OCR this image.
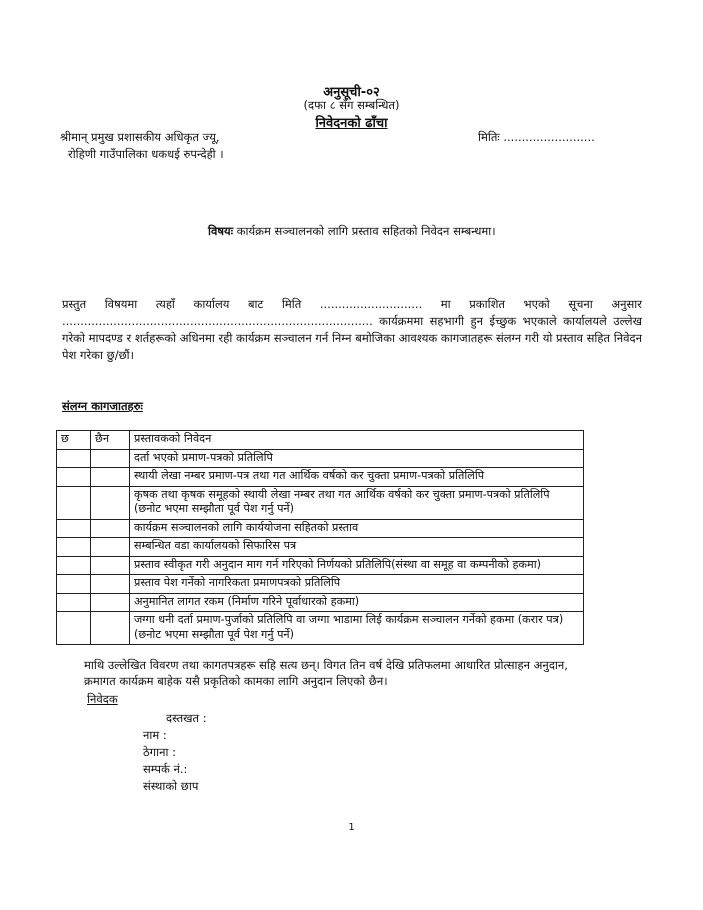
अनुसूची-०२
(दफा ८ सँग सम्बन्धित)
निवेदनको ढाँचा
श्रीमान् प्रमुख प्रशासकीय अधिकृत ज्यू,
रोहिणी गाउँपालिका धकधई रुपन्देही ।
मितिः .........................
विषयः कार्यक्रम सञ्चालनको लागि प्रस्ताव सहितको निवेदन सम्बन्धमा।
प्रस्तुत विषयमा त्यहाँ कार्यालय बाट मिति ............................ मा प्रकाशित भएको सूचना अनुसार ..................................................................................... कार्यक्रममा सहभागी हुन ईच्छुक भएकाले कार्यालयले उल्लेख गरेको मापदण्ड र शर्तहरूको अधिनमा रही कार्यक्रम सञ्चालन गर्न निम्न बमोजिका आवश्यक कागजातहरू संलग्न गरी यो प्रस्ताव सहित निवेदन पेश गरेका छु/छौं।
संलग्न कागजातहरुः
छ	छैन	प्रस्तावकको निवेदन
		दर्ता भएको प्रमाण-पत्रको प्रतिलिपि
		स्थायी लेखा नम्बर प्रमाण-पत्र तथा गत आर्थिक वर्षको कर चुक्ता प्रमाण-पत्रको प्रतिलिपि
		कृषक तथा कृषक समूहको स्थायी लेखा नम्बर तथा गत आर्थिक वर्षको कर चुक्ता प्रमाण-पत्रको प्रतिलिपि (छनोट भएमा सम्झौता पूर्व पेश गर्नु पर्ने)
		कार्यक्रम सञ्चालनको लागि कार्ययोजना सहितको प्रस्ताव
		सम्बन्धित वडा कार्यालयको सिफारिस पत्र
		प्रस्ताव स्वीकृत गरी अनुदान माग गर्न गरिएको निर्णयको प्रतिलिपि(संस्था वा समूह वा कम्पनीको हकमा)
		प्रस्ताव पेश गर्नेको नागरिकता प्रमाणपत्रको प्रतिलिपि
		अनुमानित लागत रकम (निर्माण गरिने पूर्वाधारको हकमा)
		जग्गा धनी दर्ता प्रमाण-पुर्जाको प्रतिलिपि वा जग्गा भाडामा लिई कार्यक्रम सञ्चालन गर्नेको हकमा (करार पत्र) (छनोट भएमा सम्झौता पूर्व पेश गर्नु पर्ने)
माथि उल्लेखित विवरण तथा कागतपत्रहरू सहि सत्य छन्। विगत तिन वर्ष देखि प्रतिफलमा आधारित प्रोत्साहन अनुदान,
क्रमागत कार्यक्रम बाहेक यसै प्रकृतिको कामका लागि अनुदान लिएको छैन।
निवेदक
दस्तखत :
नाम :
ठेगाना :
सम्पर्क नं.:
संस्थाको छाप
1
